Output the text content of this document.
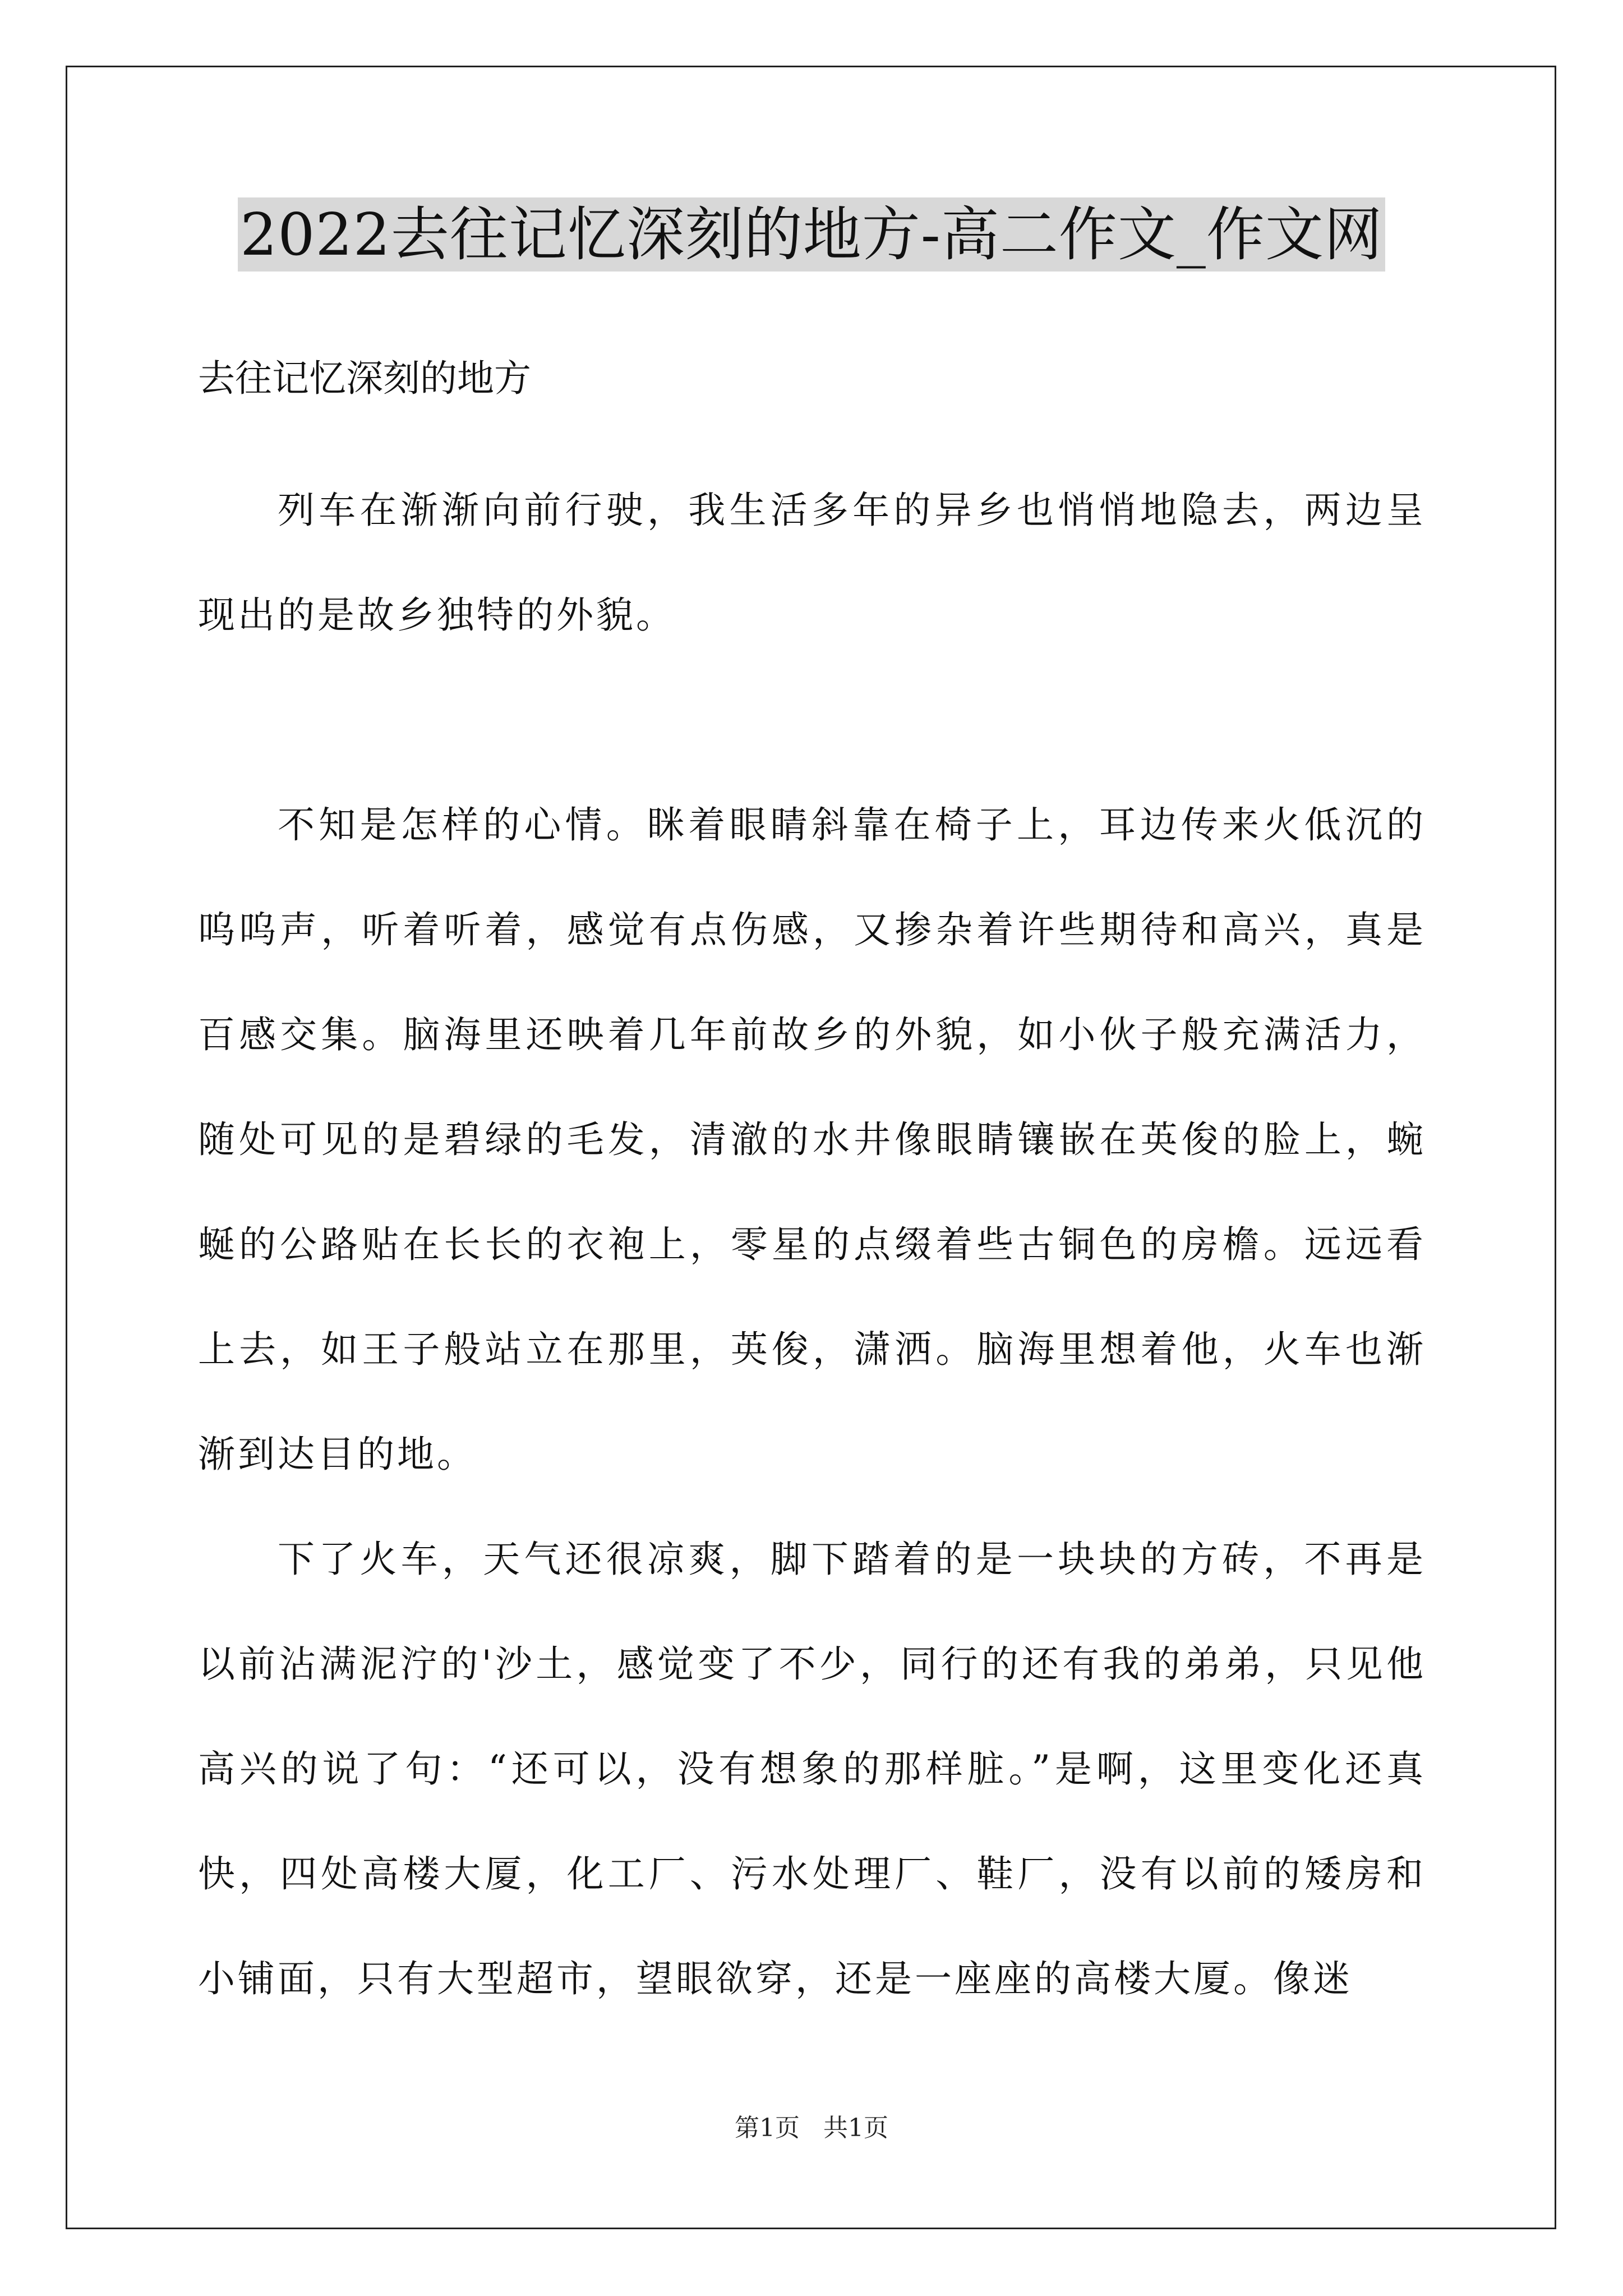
2022去往记忆深刻的地方-高二作文_作文网
去往记忆深刻的地方

列车在渐渐向前行驶，我生活多年的异乡也悄悄地隐去，两边呈现出的是故乡独特的外貌。

不知是怎样的心情。眯着眼睛斜靠在椅子上，耳边传来火低沉的呜呜声，听着听着，感觉有点伤感，又掺杂着许些期待和高兴，真是百感交集。脑海里还映着几年前故乡的外貌，如小伙子般充满活力，随处可见的是碧绿的毛发，清澈的水井像眼睛镶嵌在英俊的脸上，蜿蜒的公路贴在长长的衣袍上，零星的点缀着些古铜色的房檐。远远看上去，如王子般站立在那里，英俊，潇洒。脑海里想着他，火车也渐渐到达目的地。

下了火车，天气还很凉爽，脚下踏着的是一块块的方砖，不再是以前沾满泥泞的'沙土，感觉变了不少，同行的还有我的弟弟，只见他高兴的说了句：“还可以，没有想象的那样脏。”是啊，这里变化还真快，四处高楼大厦，化工厂、污水处理厂、鞋厂，没有以前的矮房和小铺面，只有大型超市，望眼欲穿，还是一座座的高楼大厦。像迷

第1页   共1页
